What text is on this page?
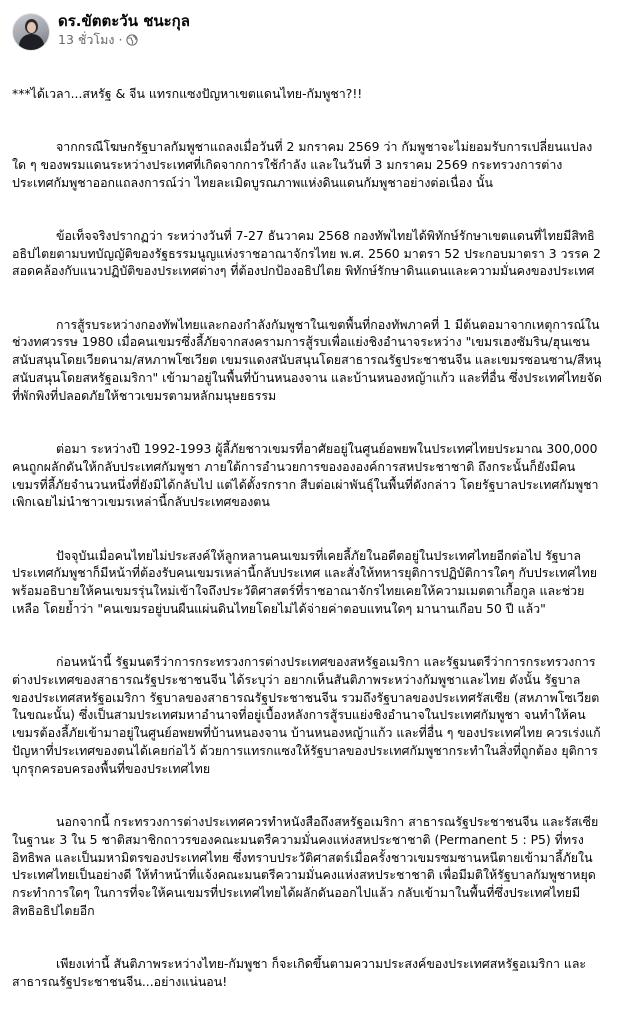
ดร.ขัตตะวัน ชนะกุล
13 ชั่วโมง ·

***ได้เวลา...สหรัฐ & จีน แทรกแซงปัญหาเขตแดนไทย-กัมพูชา?!!

จากกรณีโฆษกรัฐบาลกัมพูชาแถลงเมื่อวันที่ 2 มกราคม 2569 ว่า กัมพูชาจะไม่ยอมรับการเปลี่ยนแปลงใด ๆ ของพรมแดนระหว่างประเทศที่เกิดจากการใช้กำลัง และในวันที่ 3 มกราคม 2569 กระทรวงการต่างประเทศกัมพูชาออกแถลงการณ์ว่า ไทยละเมิดบูรณภาพแห่งดินแดนกัมพูชาอย่างต่อเนื่อง นั้น

ข้อเท็จจริงปรากฏว่า ระหว่างวันที่ 7-27 ธันวาคม 2568 กองทัพไทยได้พิทักษ์รักษาเขตแดนที่ไทยมีสิทธิอธิปไตยตามบทบัญญัติของรัฐธรรมนูญแห่งราชอาณาจักรไทย พ.ศ. 2560 มาตรา 52 ประกอบมาตรา 3 วรรค 2 สอดคล้องกับแนวปฏิบัติของประเทศต่างๆ ที่ต้องปกป้องอธิปไตย พิทักษ์รักษาดินแดนและความมั่นคงของประเทศ

การสู้รบระหว่างกองทัพไทยและกองกำลังกัมพูชาในเขตพื้นที่กองทัพภาคที่ 1 มีต้นตอมาจากเหตุการณ์ในช่วงทศวรรษ 1980 เมื่อคนเขมรซึ่งลี้ภัยจากสงครามการสู้รบเพื่อแย่งชิงอำนาจระหว่าง "เขมรเฮงซัมริน/ฮุนเซน สนับสนุนโดยเวียดนาม/สหภาพโซเวียต เขมรแดงสนับสนุนโดยสาธารณรัฐประชาชนจีน และเขมรซอนซาน/สีหนุ สนับสนุนโดยสหรัฐอเมริกา" เข้ามาอยู่ในพื้นที่บ้านหนองจาน และบ้านหนองหญ้าแก้ว และที่อื่น ซึ่งประเทศไทยจัดที่พักพิงที่ปลอดภัยให้ชาวเขมรตามหลักมนุษยธรรม

ต่อมา ระหว่างปี 1992-1993 ผู้ลี้ภัยชาวเขมรที่อาศัยอยู่ในศูนย์อพยพในประเทศไทยประมาณ 300,000 คนถูกผลักดันให้กลับประเทศกัมพูชา ภายใต้การอำนวยการของององค์การสหประชาชาติ ถึงกระนั้นก็ยังมีคนเขมรที่ลี้ภัยจำนวนหนึ่งที่ยังมิได้กลับไป แต่ได้ตั้งรกราก สืบต่อเผ่าพันธุ์ในพื้นที่ดังกล่าว โดยรัฐบาลประเทศกัมพูชาเพิกเฉยไม่นำชาวเขมรเหล่านี้กลับประเทศของตน

ปัจจุบันเมื่อคนไทยไม่ประสงค์ให้ลูกหลานคนเขมรที่เคยลี้ภัยในอดีตอยู่ในประเทศไทยอีกต่อไป รัฐบาลประเทศกัมพูชาก็มีหน้าที่ต้องรับคนเขมรเหล่านี้กลับประเทศ และสั่งให้ทหารยุติการปฏิบัติการใดๆ กับประเทศไทย พร้อมอธิบายให้คนเขมรรุ่นใหม่เข้าใจถึงประวัติศาสตร์ที่ราชอาณาจักรไทยเคยให้ความเมตตาเกื้อกูล และช่วยเหลือ โดยย้ำว่า "คนเขมรอยู่บนผืนแผ่นดินไทยโดยไม่ได้จ่ายค่าตอบแทนใดๆ มานานเกือบ 50 ปี แล้ว"

ก่อนหน้านี้ รัฐมนตรีว่าการกระทรวงการต่างประเทศของสหรัฐอเมริกา และรัฐมนตรีว่าการกระทรวงการต่างประเทศของสาธารณรัฐประชาชนจีน ได้ระบุว่า อยากเห็นสันติภาพระหว่างกัมพูชาและไทย ดังนั้น รัฐบาลของประเทศสหรัฐอเมริกา รัฐบาลของสาธารณรัฐประชาชนจีน รวมถึงรัฐบาลของประเทศรัสเซีย (สหภาพโซเวียตในขณะนั้น) ซึ่งเป็นสามประเทศมหาอำนาจที่อยู่เบื้องหลังการสู้รบแย่งชิงอำนาจในประเทศกัมพูชา จนทำให้คนเขมรต้องลี้ภัยเข้ามาอยู่ในศูนย์อพยพที่บ้านหนองจาน บ้านหนองหญ้าแก้ว และที่อื่น ๆ ของประเทศไทย ควรเร่งแก้ปัญหาที่ประเทศของตนได้เคยก่อไว้ ด้วยการแทรกแซงให้รัฐบาลของประเทศกัมพูชากระทำในสิ่งที่ถูกต้อง ยุติการบุกรุกครอบครองพื้นที่ของประเทศไทย

นอกจากนี้ กระทรวงการต่างประเทศควรทำหนังสือถึงสหรัฐอเมริกา สาธารณรัฐประชาชนจีน และรัสเซีย ในฐานะ 3 ใน 5 ชาติสมาชิกถาวรของคณะมนตรีความมั่นคงแห่งสหประชาชาติ (Permanent 5 : P5) ที่ทรงอิทธิพล และเป็นมหามิตรของประเทศไทย ซึ่งทราบประวัติศาสตร์เมื่อครั้งชาวเขมรซมซานหนีตายเข้ามาลี้ภัยในประเทศไทยเป็นอย่างดี ให้ทำหน้าที่แจ้งคณะมนตรีความมั่นคงแห่งสหประชาชาติ เพื่อมีมติให้รัฐบาลกัมพูชาหยุดกระทำการใดๆ ในการที่จะให้คนเขมรที่ประเทศไทยได้ผลักดันออกไปแล้ว กลับเข้ามาในพื้นที่ซึ่งประเทศไทยมีสิทธิอธิปไตยอีก

เพียงเท่านี้ สันติภาพระหว่างไทย-กัมพูชา ก็จะเกิดขึ้นตามความประสงค์ของประเทศสหรัฐอเมริกา และสาธารณรัฐประชาชนจีน...อย่างแน่นอน!
